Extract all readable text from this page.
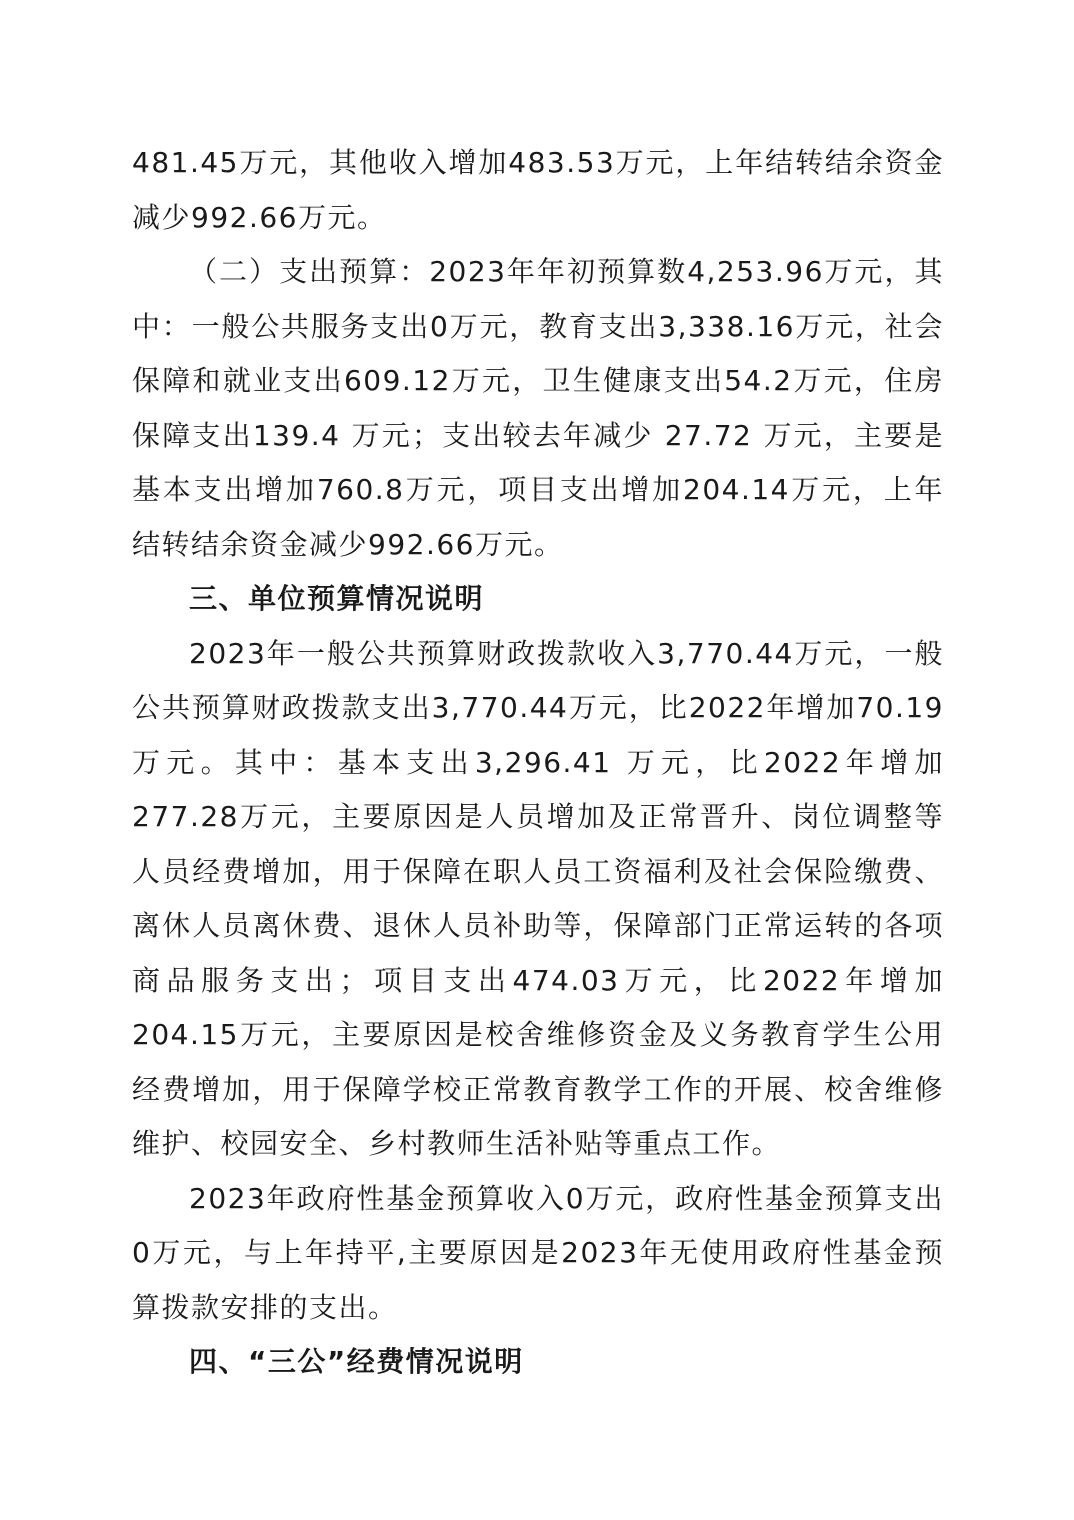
481.45万元，其他收入增加483.53万元，上年结转结余资金减少992.66万元。

（二）支出预算：2023年年初预算数4,253.96万元，其中：一般公共服务支出0万元，教育支出3,338.16万元，社会保障和就业支出609.12万元，卫生健康支出54.2万元，住房保障支出139.4 万元；支出较去年减少 27.72 万元，主要是基本支出增加760.8万元，项目支出增加204.14万元，上年结转结余资金减少992.66万元。

三、单位预算情况说明

2023年一般公共预算财政拨款收入3,770.44万元，一般公共预算财政拨款支出3,770.44万元，比2022年增加70.19万元。其中：基本支出3,296.41 万元，比2022年增加277.28万元，主要原因是人员增加及正常晋升、岗位调整等人员经费增加，用于保障在职人员工资福利及社会保险缴费、离休人员离休费、退休人员补助等，保障部门正常运转的各项商品服务支出；项目支出474.03万元，比2022年增加204.15万元，主要原因是校舍维修资金及义务教育学生公用经费增加，用于保障学校正常教育教学工作的开展、校舍维修维护、校园安全、乡村教师生活补贴等重点工作。

2023年政府性基金预算收入0万元，政府性基金预算支出0万元，与上年持平,主要原因是2023年无使用政府性基金预算拨款安排的支出。

四、“三公”经费情况说明
